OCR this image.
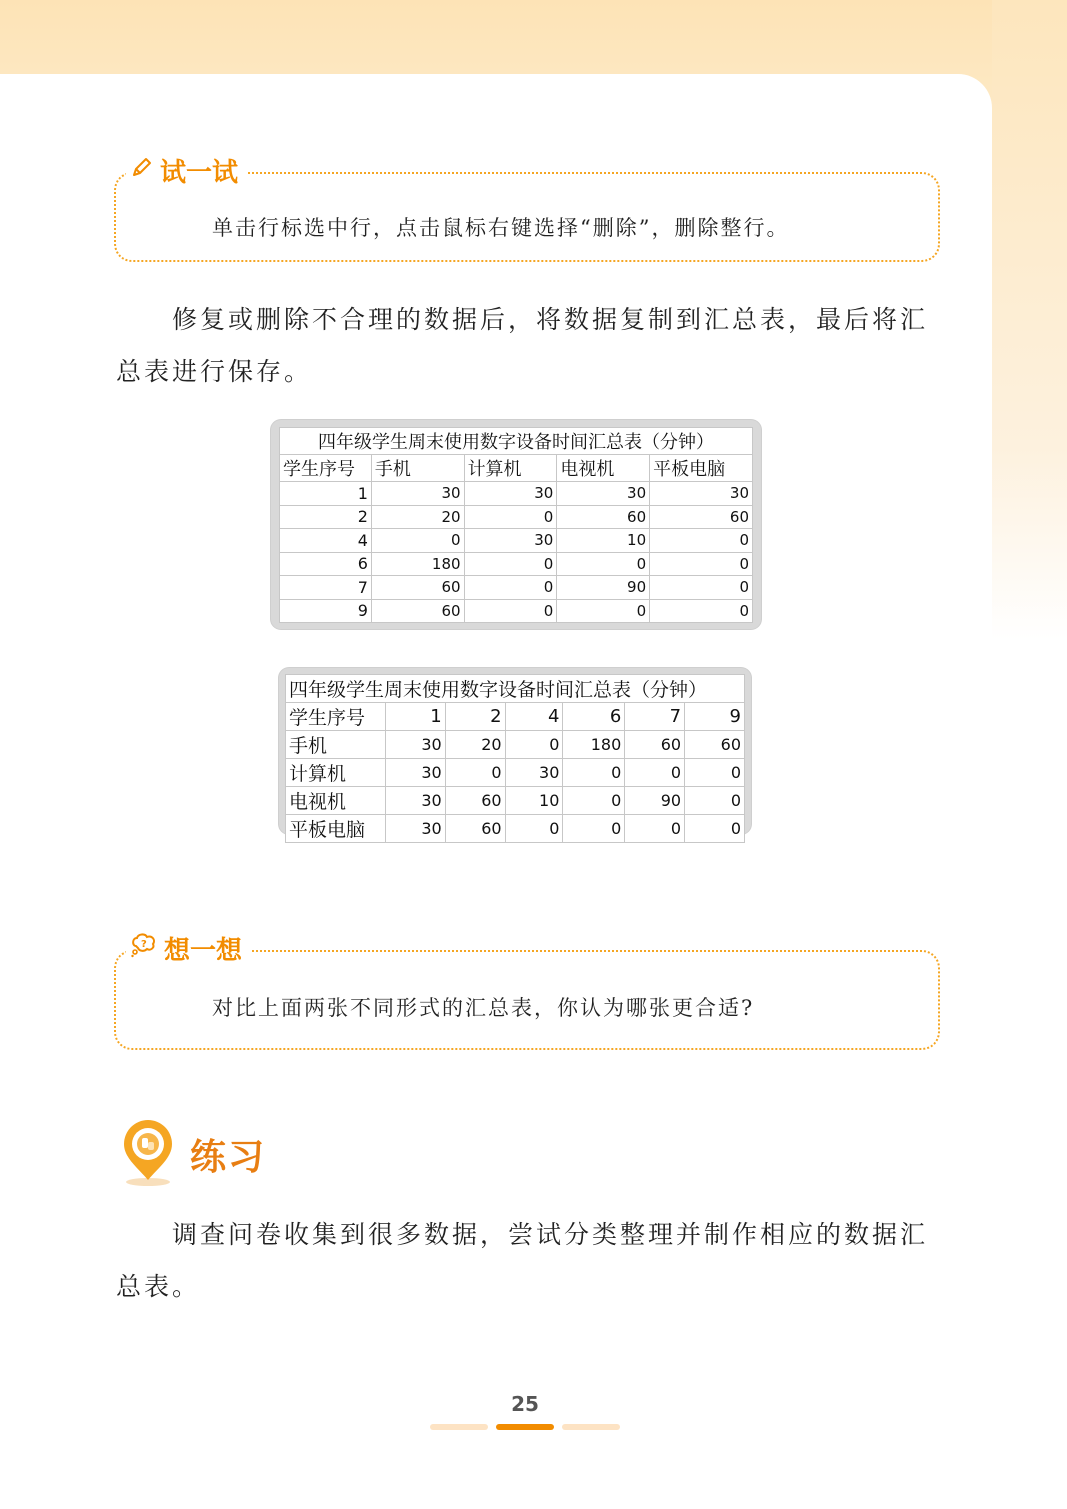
试一试
单击行标选中行，点击鼠标右键选择“删除”，删除整行。

修复或删除不合理的数据后，将数据复制到汇总表，最后将汇总表进行保存。

四年级学生周末使用数字设备时间汇总表（分钟）				
学生序号	手机	计算机	电视机	平板电脑
1	30	30	30	30
2	20	0	60	60
4	0	30	10	0
6	180	0	0	0
7	60	0	90	0
9	60	0	0	0
四年级学生周末使用数字设备时间汇总表（分钟）						
学生序号	1	2	4	6	7	9
手机	30	20	0	180	60	60
计算机	30	0	30	0	0	0
电视机	30	60	10	0	90	0
平板电脑	30	60	0	0	0	0
? 想一想
对比上面两张不同形式的汇总表，你认为哪张更合适?
练习

调查问卷收集到很多数据，尝试分类整理并制作相应的数据汇总表。

25
